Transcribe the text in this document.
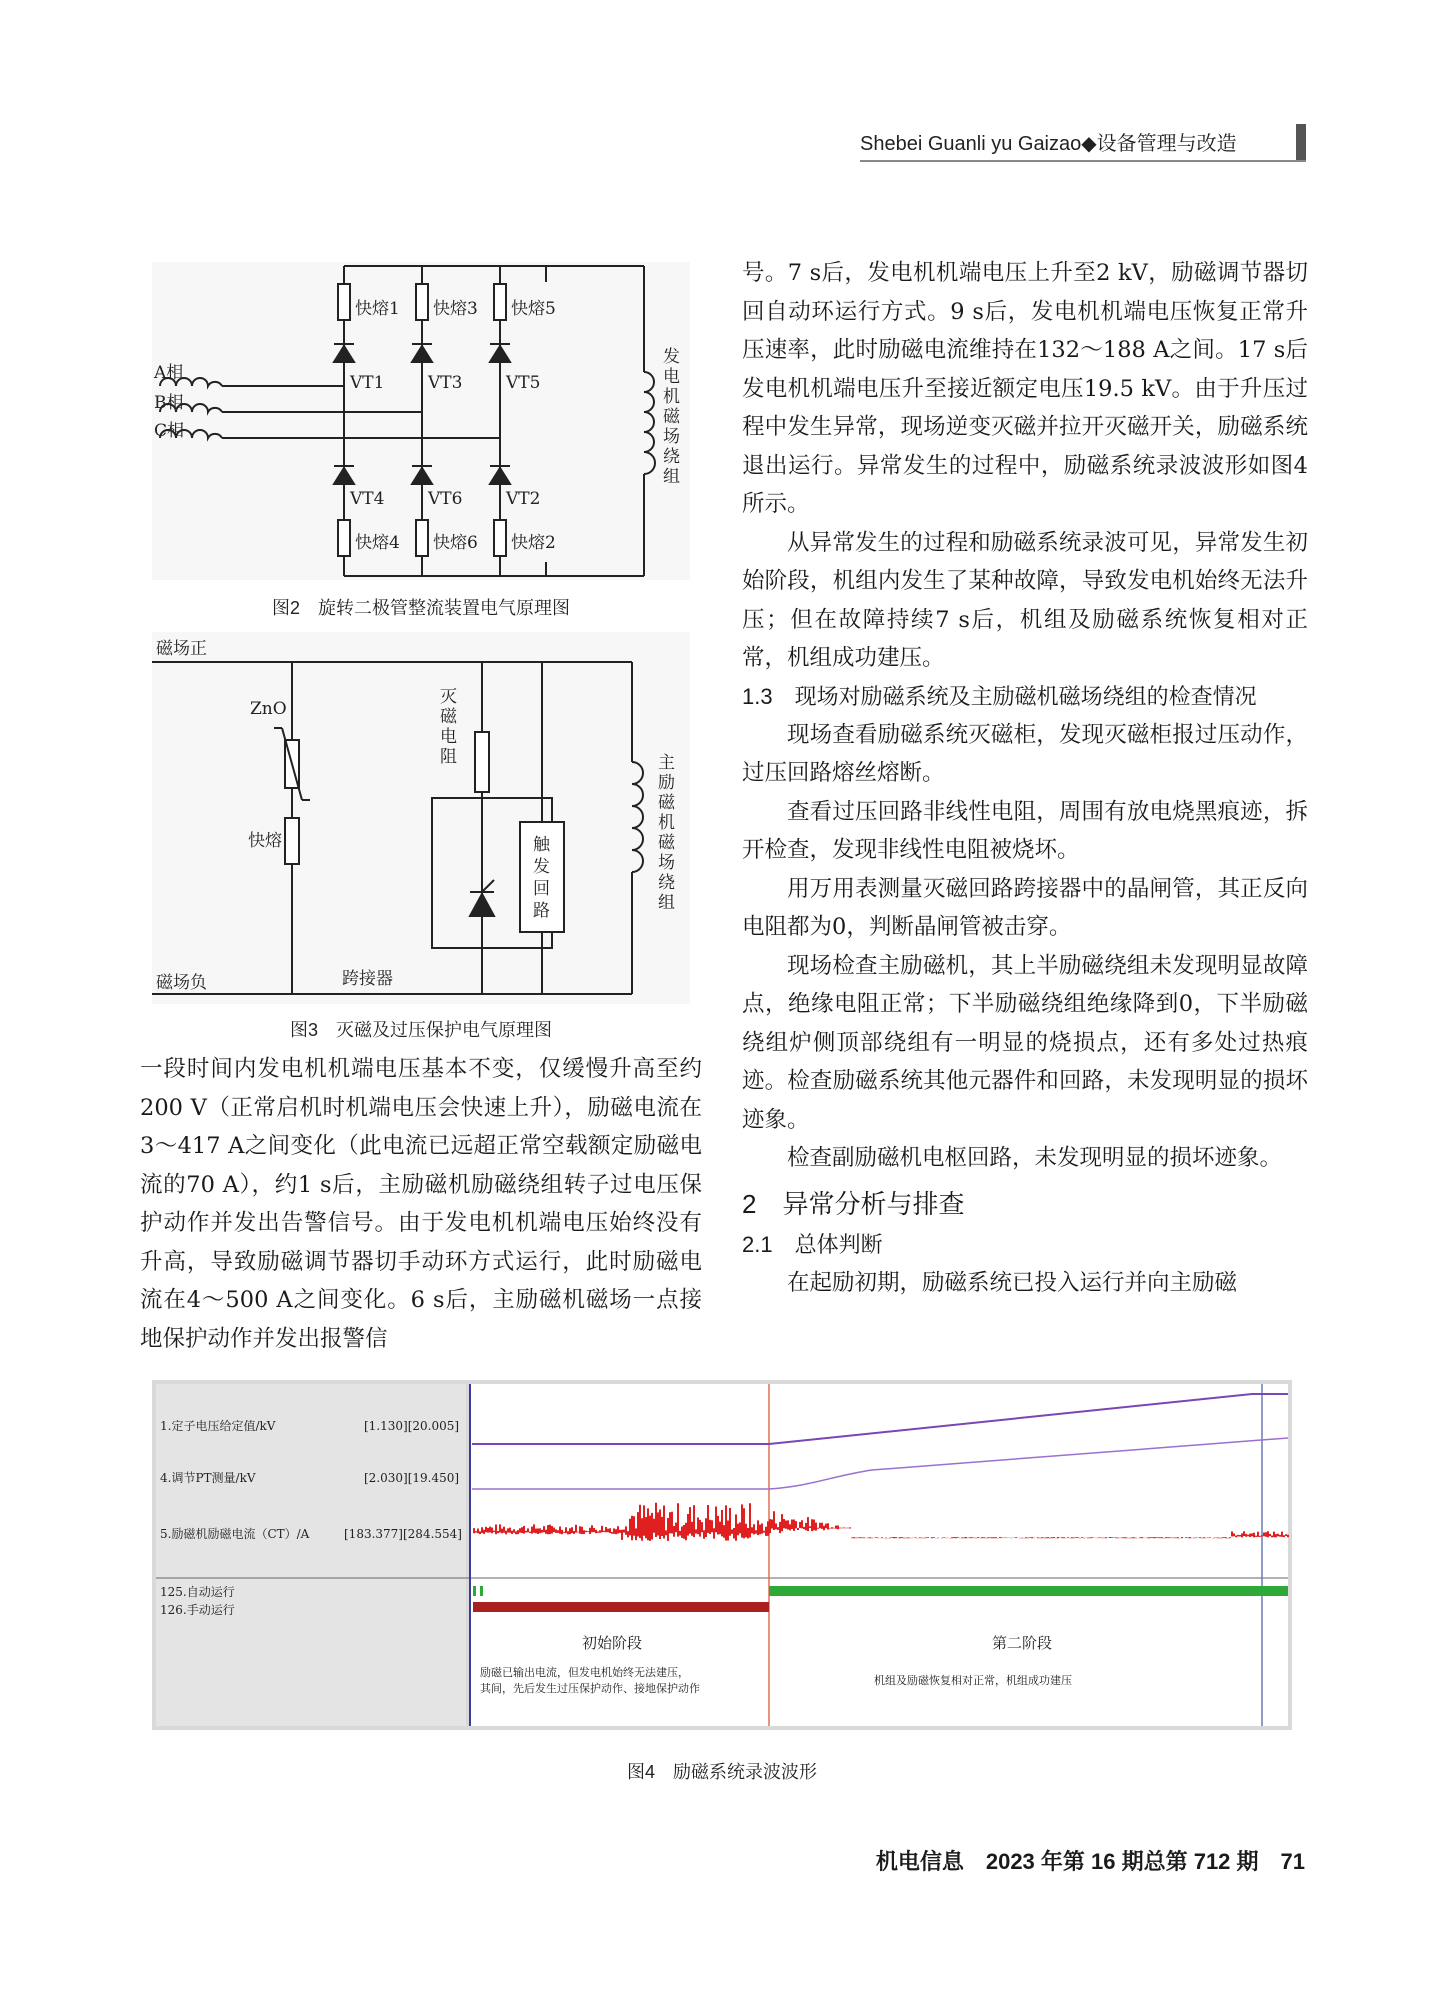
Shebei Guanli yu Gaizao◆设备管理与改造
A相
B相
C相
快熔1 快熔3 快熔5
VT1	VT3	VT5
VT4	VT6	VT2
快熔4 快熔6 快熔2
发
电
机
磁
场
绕
组
图2　旋转二极管整流装置电气原理图
磁场正
磁场负
ZnO
快熔
跨接器
灭
磁
电
阻
触
发
回
路
主
励
磁
机
磁
场
绕
组
图3　灭磁及过压保护电气原理图

一段时间内发电机机端电压基本不变，仅缓慢升高至约200 V（正常启机时机端电压会快速上升），励磁电流在3～417 A之间变化（此电流已远超正常空载额定励磁电流的70 A），约1 s后，主励磁机励磁绕组转子过电压保护动作并发出告警信号。由于发电机机端电压始终没有升高，导致励磁调节器切手动环方式运行，此时励磁电流在4～500 A之间变化。6 s后，主励磁机磁场一点接地保护动作并发出报警信

号。7 s后，发电机机端电压上升至2 kV，励磁调节器切回自动环运行方式。9 s后，发电机机端电压恢复正常升压速率，此时励磁电流维持在132～188 A之间。17 s后发电机机端电压升至接近额定电压19.5 kV。由于升压过程中发生异常，现场逆变灭磁并拉开灭磁开关，励磁系统退出运行。异常发生的过程中，励磁系统录波波形如图4所示。

从异常发生的过程和励磁系统录波可见，异常发生初始阶段，机组内发生了某种故障，导致发电机始终无法升压；但在故障持续7 s后，机组及励磁系统恢复相对正常，机组成功建压。

1.3　现场对励磁系统及主励磁机磁场绕组的检查情况

现场查看励磁系统灭磁柜，发现灭磁柜报过压动作，过压回路熔丝熔断。

查看过压回路非线性电阻，周围有放电烧黑痕迹，拆开检查，发现非线性电阻被烧坏。

用万用表测量灭磁回路跨接器中的晶闸管，其正反向电阻都为0，判断晶闸管被击穿。

现场检查主励磁机，其上半励磁绕组未发现明显故障点，绝缘电阻正常；下半励磁绕组绝缘降到0，下半励磁绕组炉侧顶部绕组有一明显的烧损点，还有多处过热痕迹。检查励磁系统其他元器件和回路，未发现明显的损坏迹象。

检查副励磁机电枢回路，未发现明显的损坏迹象。

2　异常分析与排查

2.1　总体判断

在起励初期，励磁系统已投入运行并向主励磁

1.定子电压给定值/kV	[1.130][20.005]
4.调节PT测量/kV	[2.030][19.450]
5.励磁机励磁电流（CT）/A	[183.377][284.554]
125.自动运行
126.手动运行
初始阶段	第二阶段
励磁已输出电流，但发电机始终无法建压，
其间，先后发生过压保护动作、接地保护动作
机组及励磁恢复相对正常，机组成功建压
图4　励磁系统录波波形
机电信息　2023 年第 16 期总第 712 期　71
